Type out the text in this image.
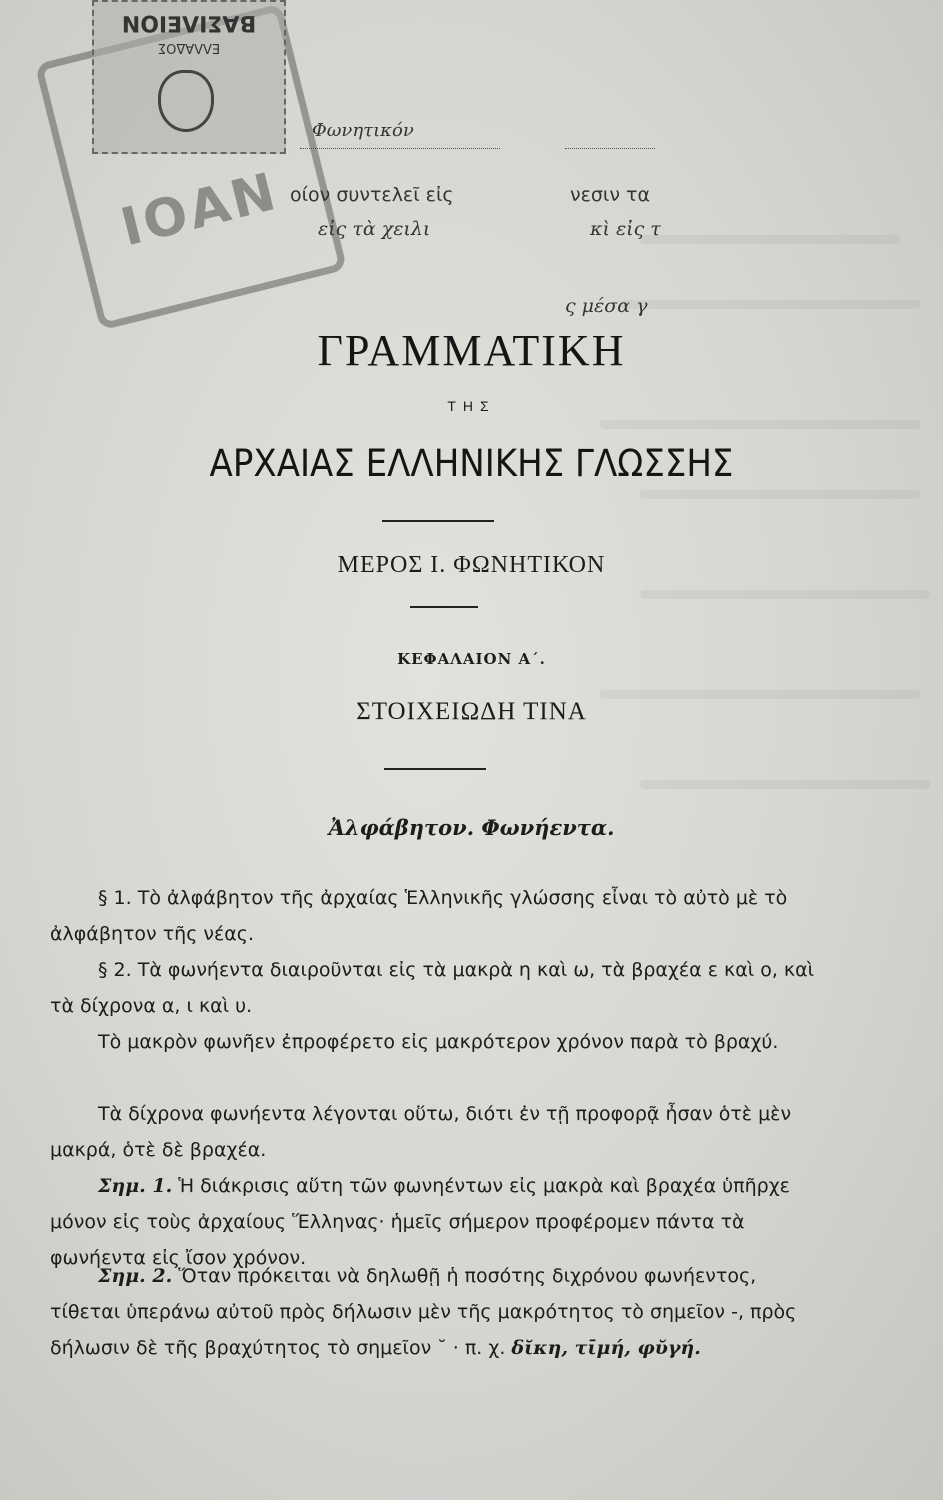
ΕΛΛΑΔΟΣ
ΒΑΣΙΛΕΙΟΝ
ΙΟΑΝ
Φωνητικόν
οίον συντελεῖ εἰς	νεσιν τα
εἰς τὰ χειλι	κὶ εἰς τ
ς μέσα γ
ΓΡΑΜΜΑΤΙΚΗ
ΤΗΣ
ΑΡΧΑΙΑΣ ΕΛΛΗΝΙΚΗΣ ΓΛΩΣΣΗΣ
ΜΕΡΟΣ Ι. ΦΩΝΗΤΙΚΟΝ
ΚΕΦΑΛΑΙΟΝ Α΄.
ΣΤΟΙΧΕΙΩΔΗ ΤΙΝΑ
Ἀλφάβητον. Φωνήεντα.
§ 1. Τὸ ἀλφάβητον τῆς ἀρχαίας Ἑλληνικῆς γλώσσης εἶναι τὸ αὐτὸ μὲ τὸ ἀλφάβητον τῆς νέας.
§ 2. Τὰ φωνήεντα διαιροῦνται εἰς τὰ μακρὰ η καὶ ω, τὰ βραχέα ε καὶ ο, καὶ τὰ δίχρονα α, ι καὶ υ.
Τὸ μακρὸν φωνῆεν ἐπροφέρετο εἰς μακρότερον χρόνον παρὰ τὸ βραχύ.
Τὰ δίχρονα φωνήεντα λέγονται οὕτω, διότι ἐν τῇ προφορᾷ ἦσαν ὁτὲ μὲν μακρά, ὁτὲ δὲ βραχέα.
Σημ. 1. Ἡ διάκρισις αὕτη τῶν φωνηέντων εἰς μακρὰ καὶ βραχέα ὑπῆρχε μόνον εἰς τοὺς ἀρχαίους Ἕλληνας· ἡμεῖς σήμερον προφέρομεν πάντα τὰ φωνήεντα εἰς ἴσον χρόνον.
Σημ. 2. Ὅταν πρόκειται νὰ δηλωθῇ ἡ ποσότης διχρόνου φωνήεντος, τίθεται ὑπεράνω αὐτοῦ πρὸς δήλωσιν μὲν τῆς μακρότητος τὸ σημεῖον -, πρὸς δήλωσιν δὲ τῆς βραχύτητος τὸ σημεῖον ˘ · π. χ. δῐκη, τῑμή, φῠγή.
